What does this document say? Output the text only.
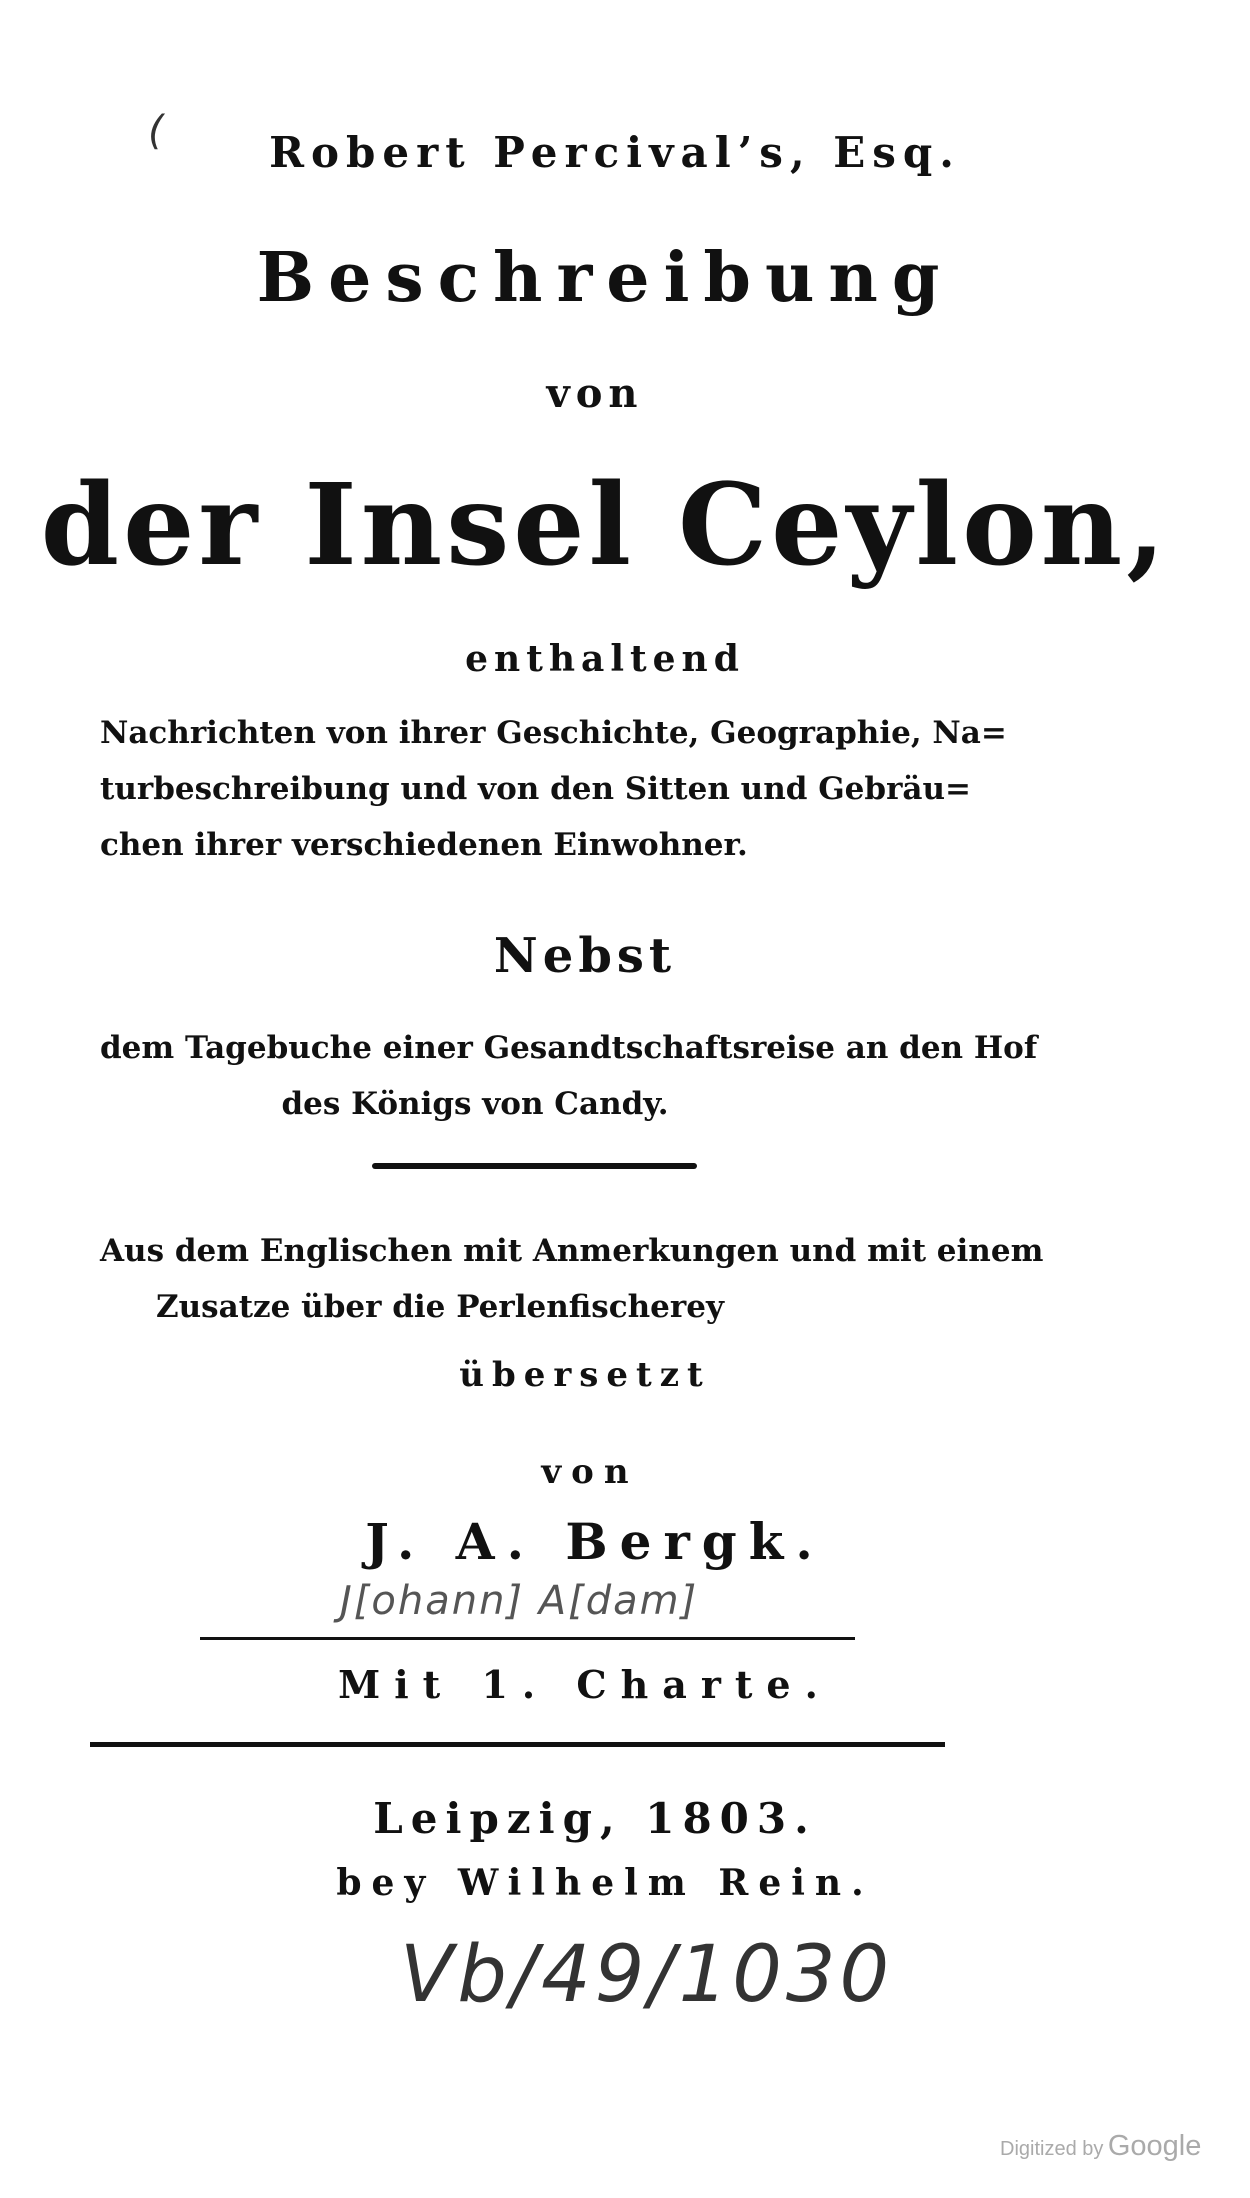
(	Robert Percival’s, Esq.
Beschreibung
von
der Insel Ceylon,
enthaltend
Nachrichten von ihrer Geschichte, Geographie, Na=
turbeschreibung und von den Sitten und Gebräu=
chen ihrer verschiedenen Einwohner.
Nebst
dem Tagebuche einer Gesandtschaftsreise an den Hof
des Königs von Candy.
Aus dem Englischen mit Anmerkungen und mit einem
Zusatze über die Perlenfischerey
übersetzt
von
J. A. Bergk.
J[ohann] A[dam]
Mit 1. Charte.
Leipzig, 1803.
bey Wilhelm Rein.
Vb/49/1030
Digitized by Google
